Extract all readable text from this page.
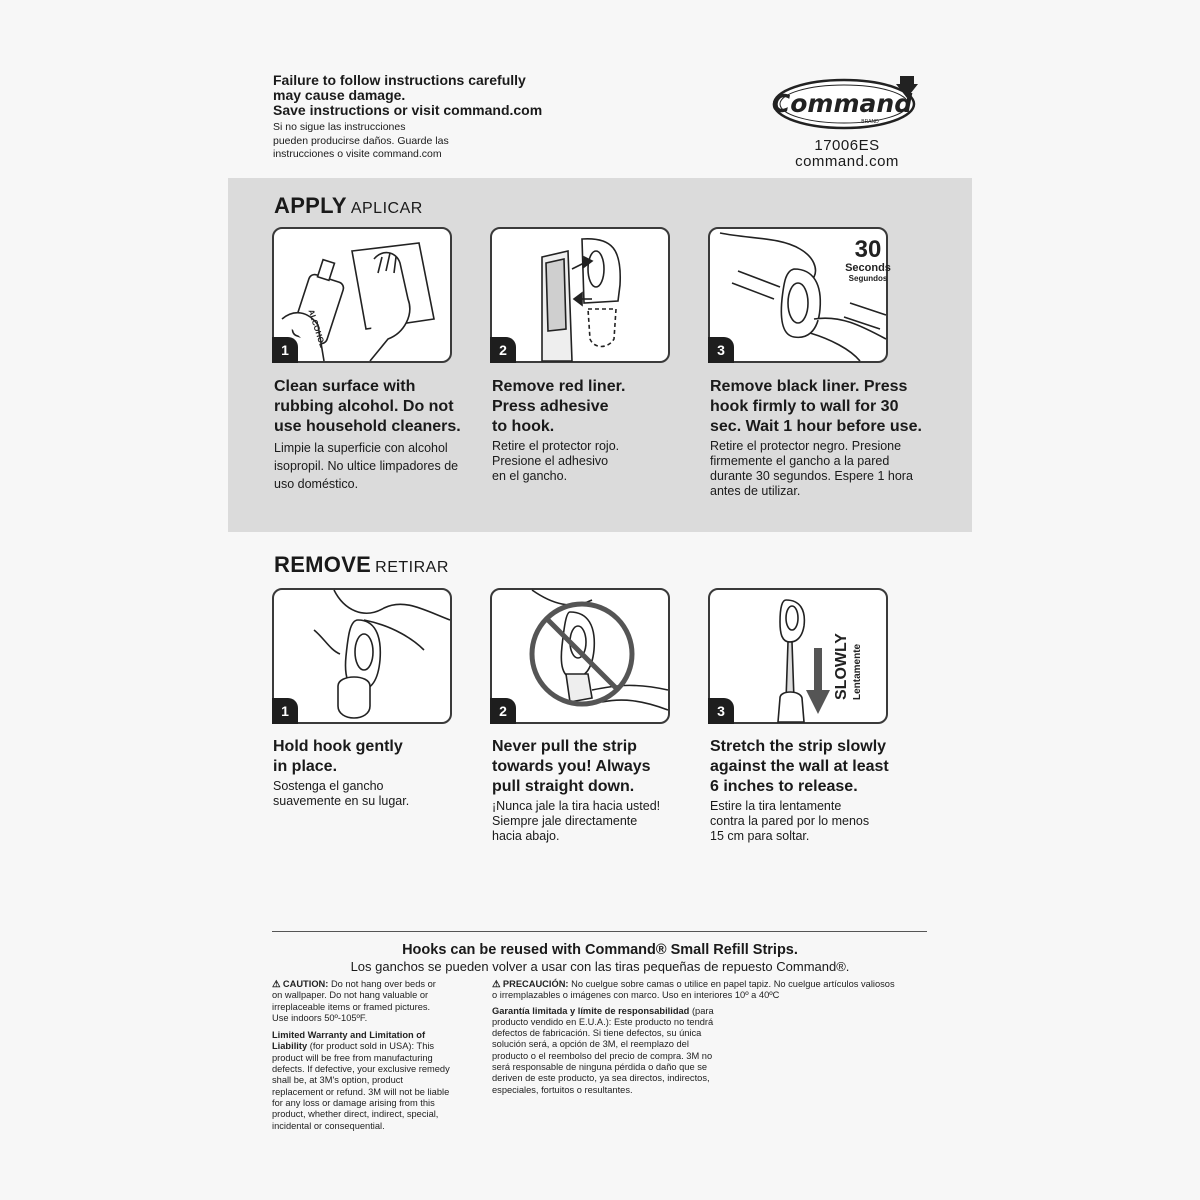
Failure to follow instructions carefully
may cause damage.
Save instructions or visit command.com
Si no sigue las instrucciones
pueden producirse daños. Guarde las
instrucciones o visite command.com
Command
BRAND
17006ES
command.com
APPLY APLICAR
ALCOHOL
1	2
30
Seconds
Segundos
3
Clean surface with
rubbing alcohol. Do not
use household cleaners.
Limpie la superficie con alcohol
isopropil. No ultice limpadores de
uso doméstico.
Remove red liner.
Press adhesive
to hook.
Retire el protector rojo.
Presione el adhesivo
en el gancho.
Remove black liner. Press
hook firmly to wall for 30
sec. Wait 1 hour before use.
Retire el protector negro. Presione
firmemente el gancho a la pared
durante 30 segundos. Espere 1 hora
antes de utilizar.
REMOVE RETIRAR
1	2
SLOWLY Lentamente
3
Hold hook gently
in place.
Sostenga el gancho
suavemente en su lugar.
Never pull the strip
towards you! Always
pull straight down.
¡Nunca jale la tira hacia usted!
Siempre jale directamente
hacia abajo.
Stretch the strip slowly
against the wall at least
6 inches to release.
Estire la tira lentamente
contra la pared por lo menos
15 cm para soltar.
Hooks can be reused with Command® Small Refill Strips.
Los ganchos se pueden volver a usar con las tiras pequeñas de repuesto Command®.
⚠ CAUTION: Do not hang over beds or
on wallpaper. Do not hang valuable or
irreplaceable items or framed pictures.
Use indoors 50º-105ºF.
Limited Warranty and Limitation of
Liability (for product sold in USA): This
product will be free from manufacturing
defects. If defective, your exclusive remedy
shall be, at 3M's option, product
replacement or refund. 3M will not be liable
for any loss or damage arising from this
product, whether direct, indirect, special,
incidental or consequential.
⚠ PRECAUCIÓN: No cuelgue sobre camas o utilice en papel tapiz. No cuelgue artículos valiosos
o irremplazables o imágenes con marco. Uso en interiores 10º a 40ºC
Garantía limitada y límite de responsabilidad (para
producto vendido en E.U.A.): Este producto no tendrá
defectos de fabricación. Si tiene defectos, su única
solución será, a opción de 3M, el reemplazo del
producto o el reembolso del precio de compra. 3M no
será responsable de ninguna pérdida o daño que se
deriven de este producto, ya sea directos, indirectos,
especiales, fortuitos o resultantes.
